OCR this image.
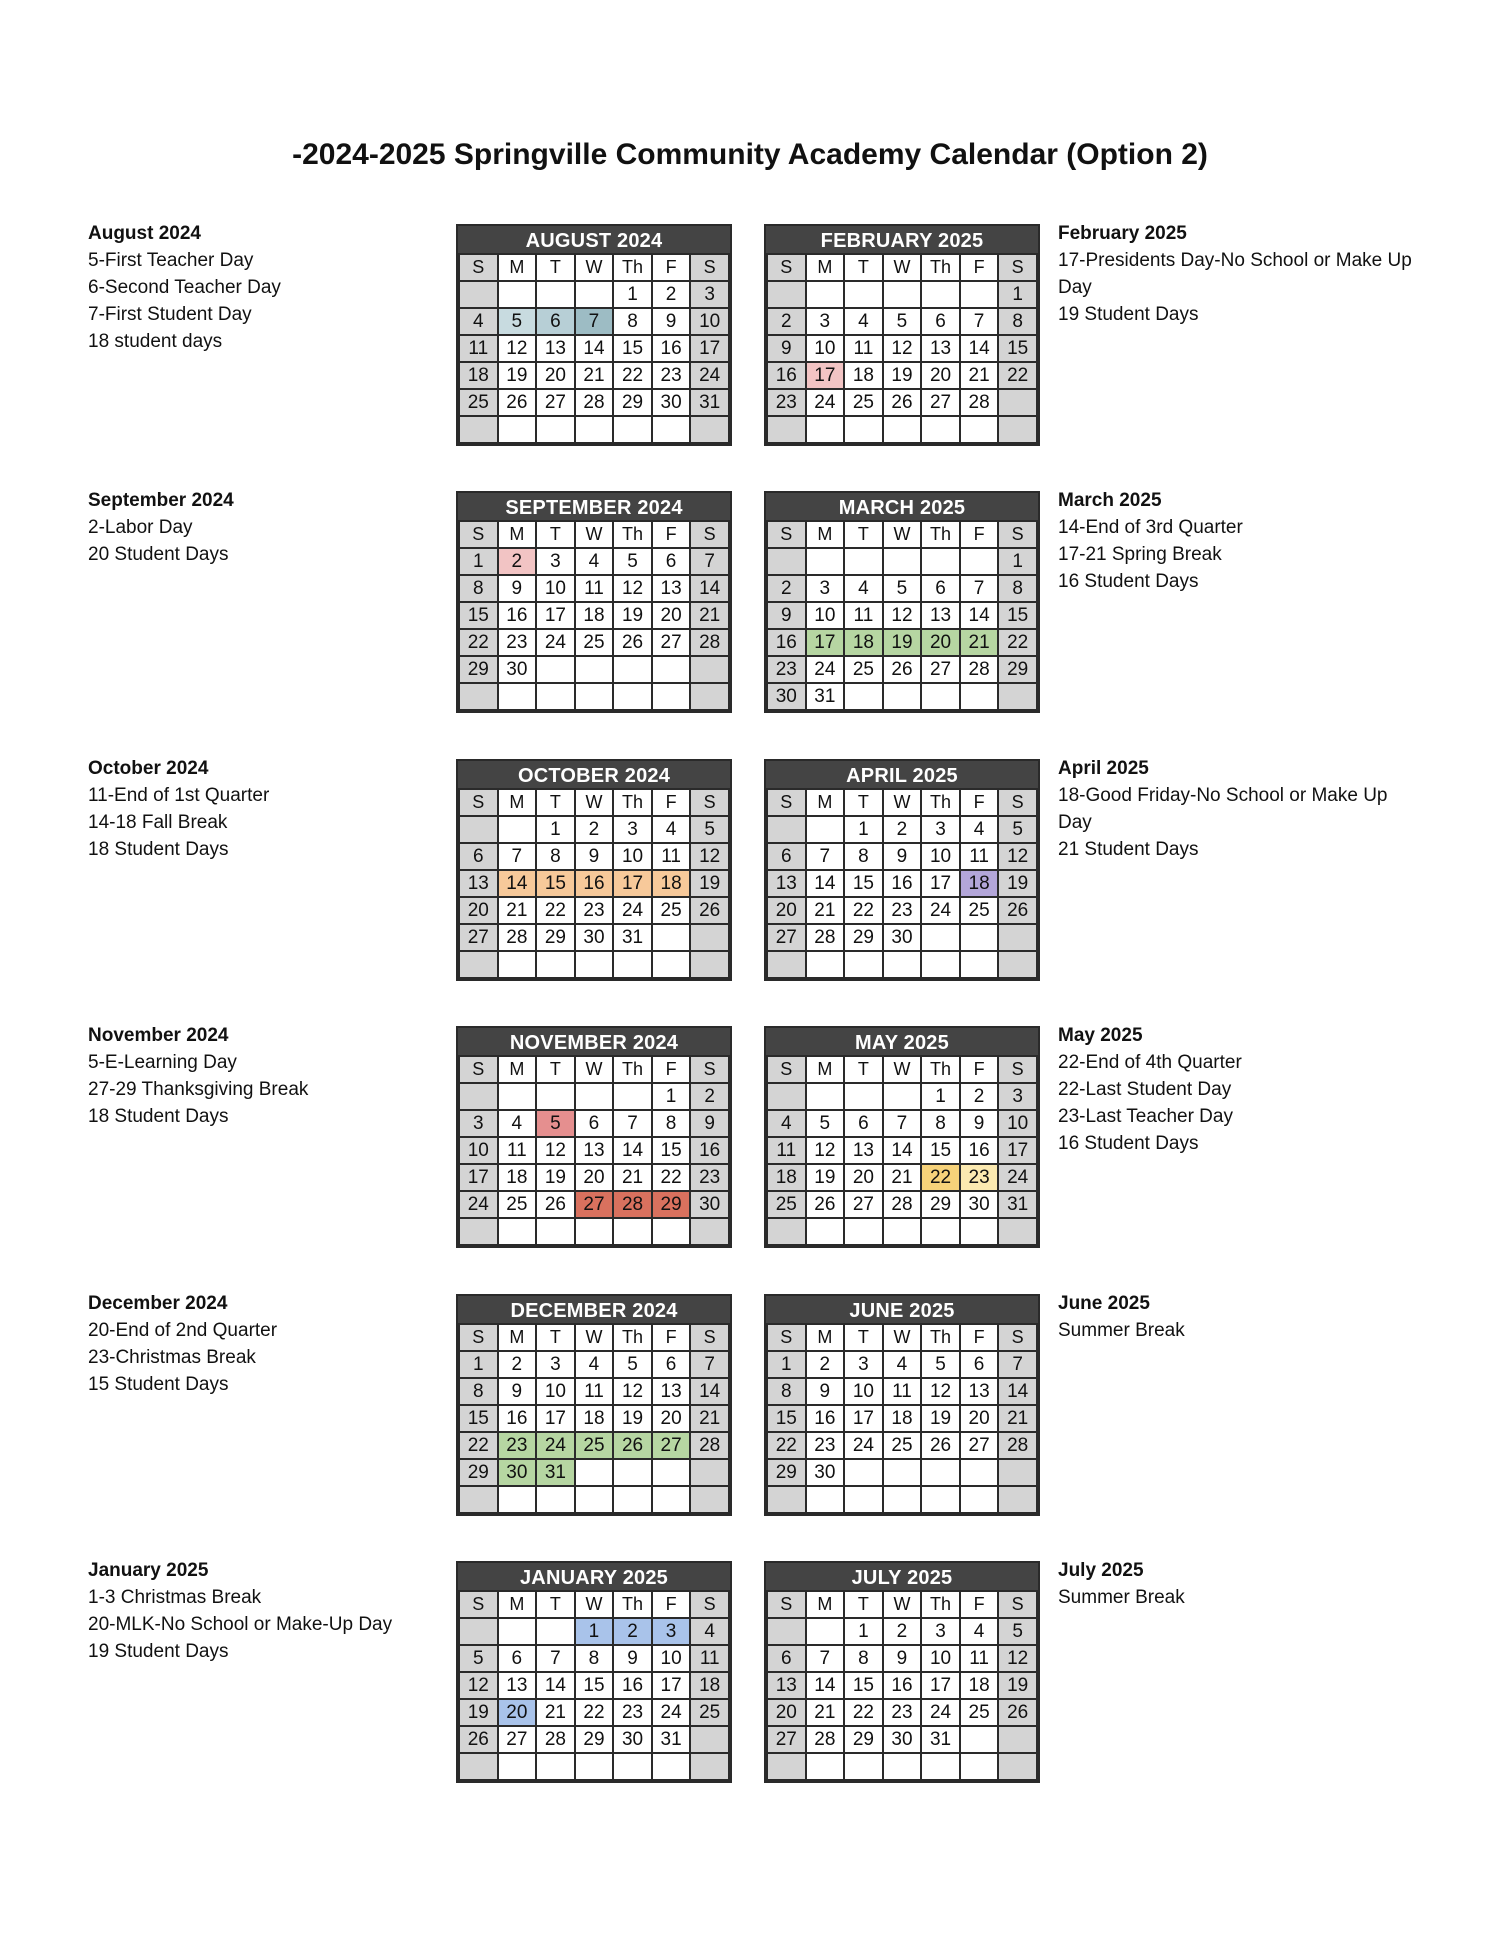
-2024-2025 Springville Community Academy Calendar (Option 2)
AUGUST 2024
S	M	T	W	Th	F	S
				1	2	3
4	5	6	7	8	9	10
11	12	13	14	15	16	17
18	19	20	21	22	23	24
25	26	27	28	29	30	31

SEPTEMBER 2024
S	M	T	W	Th	F	S
1	2	3	4	5	6	7
8	9	10	11	12	13	14
15	16	17	18	19	20	21
22	23	24	25	26	27	28
29	30					

OCTOBER 2024
S	M	T	W	Th	F	S
		1	2	3	4	5
6	7	8	9	10	11	12
13	14	15	16	17	18	19
20	21	22	23	24	25	26
27	28	29	30	31		

NOVEMBER 2024
S	M	T	W	Th	F	S
					1	2
3	4	5	6	7	8	9
10	11	12	13	14	15	16
17	18	19	20	21	22	23
24	25	26	27	28	29	30

DECEMBER 2024
S	M	T	W	Th	F	S
1	2	3	4	5	6	7
8	9	10	11	12	13	14
15	16	17	18	19	20	21
22	23	24	25	26	27	28
29	30	31				

JANUARY 2025
S	M	T	W	Th	F	S
			1	2	3	4
5	6	7	8	9	10	11
12	13	14	15	16	17	18
19	20	21	22	23	24	25
26	27	28	29	30	31	

FEBRUARY 2025
S	M	T	W	Th	F	S
						1
2	3	4	5	6	7	8
9	10	11	12	13	14	15
16	17	18	19	20	21	22
23	24	25	26	27	28	

MARCH 2025
S	M	T	W	Th	F	S
						1
2	3	4	5	6	7	8
9	10	11	12	13	14	15
16	17	18	19	20	21	22
23	24	25	26	27	28	29
30	31					
APRIL 2025
S	M	T	W	Th	F	S
		1	2	3	4	5
6	7	8	9	10	11	12
13	14	15	16	17	18	19
20	21	22	23	24	25	26
27	28	29	30			

MAY 2025
S	M	T	W	Th	F	S
				1	2	3
4	5	6	7	8	9	10
11	12	13	14	15	16	17
18	19	20	21	22	23	24
25	26	27	28	29	30	31

JUNE 2025
S	M	T	W	Th	F	S
1	2	3	4	5	6	7
8	9	10	11	12	13	14
15	16	17	18	19	20	21
22	23	24	25	26	27	28
29	30					

JULY 2025
S	M	T	W	Th	F	S
		1	2	3	4	5
6	7	8	9	10	11	12
13	14	15	16	17	18	19
20	21	22	23	24	25	26
27	28	29	30	31		

August 2024
5-First Teacher Day
6-Second Teacher Day
7-First Student Day
18 student days
September 2024
2-Labor Day
20 Student Days
October 2024
11-End of 1st Quarter
14-18 Fall Break
18 Student Days
November 2024
5-E-Learning Day
27-29 Thanksgiving Break
18 Student Days
December 2024
20-End of 2nd Quarter
23-Christmas Break
15 Student Days
January 2025
1-3 Christmas Break
20-MLK-No School or Make-Up Day
19 Student Days
February 2025
17-Presidents Day-No School or Make Up Day
19 Student Days
March 2025
14-End of 3rd Quarter
17-21 Spring Break
16 Student Days
April 2025
18-Good Friday-No School or Make Up Day
21 Student Days
May 2025
22-End of 4th Quarter
22-Last Student Day
23-Last Teacher Day
16 Student Days
June 2025
Summer Break
July 2025
Summer Break
